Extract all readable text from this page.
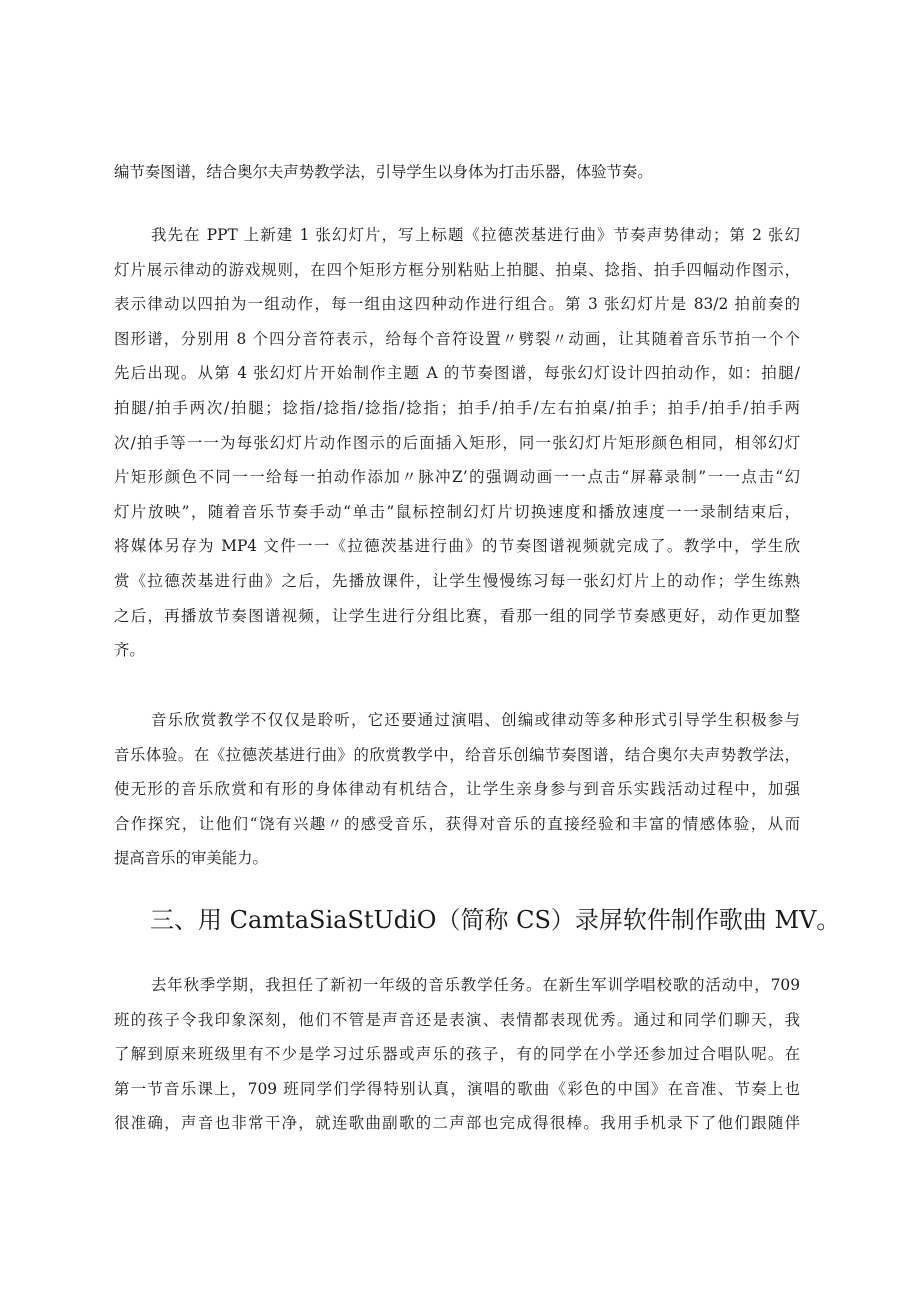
编节奏图谱，结合奥尔夫声势教学法，引导学生以身体为打击乐器，体验节奏。
我先在 PPT 上新建 1 张幻灯片，写上标题《拉德茨基进行曲》节奏声势律动；第 2 张幻
灯片展示律动的游戏规则，在四个矩形方框分别粘贴上拍腿、拍桌、捻指、拍手四幅动作图示，
表示律动以四拍为一组动作，每一组由这四种动作进行组合。第 3 张幻灯片是 83/2 拍前奏的
图形谱，分别用 8 个四分音符表示，给每个音符设置〃劈裂〃动画，让其随着音乐节拍一个个
先后出现。从第 4 张幻灯片开始制作主题 A 的节奏图谱，每张幻灯设计四拍动作，如：拍腿/
拍腿/拍手两次/拍腿；捻指/捻指/捻指/捻指；拍手/拍手/左右拍桌/拍手；拍手/拍手/拍手两
次/拍手等一一为每张幻灯片动作图示的后面插入矩形，同一张幻灯片矩形颜色相同，相邻幻灯
片矩形颜色不同一一给每一拍动作添加〃脉冲Z’的强调动画一一点击“屏幕录制”一一点击“幻
灯片放映”，随着音乐节奏手动“单击”鼠标控制幻灯片切换速度和播放速度一一录制结束后，
将媒体另存为 MP4 文件一一《拉德茨基进行曲》的节奏图谱视频就完成了。教学中，学生欣
赏《拉德茨基进行曲》之后，先播放课件，让学生慢慢练习每一张幻灯片上的动作；学生练熟
之后，再播放节奏图谱视频，让学生进行分组比赛，看那一组的同学节奏感更好，动作更加整
齐。
音乐欣赏教学不仅仅是聆听，它还要通过演唱、创编或律动等多种形式引导学生积极参与
音乐体验。在《拉德茨基进行曲》的欣赏教学中，给音乐创编节奏图谱，结合奥尔夫声势教学法，
使无形的音乐欣赏和有形的身体律动有机结合，让学生亲身参与到音乐实践活动过程中，加强
合作探究，让他们“饶有兴趣〃的感受音乐，获得对音乐的直接经验和丰富的情感体验，从而
提高音乐的审美能力。
三、用 CamtaSiaStUdiO（简称 CS）录屏软件制作歌曲 MV。
去年秋季学期，我担任了新初一年级的音乐教学任务。在新生军训学唱校歌的活动中，709
班的孩子令我印象深刻，他们不管是声音还是表演、表情都表现优秀。通过和同学们聊天，我
了解到原来班级里有不少是学习过乐器或声乐的孩子，有的同学在小学还参加过合唱队呢。在
第一节音乐课上，709 班同学们学得特别认真，演唱的歌曲《彩色的中国》在音准、节奏上也
很准确，声音也非常干净，就连歌曲副歌的二声部也完成得很棒。我用手机录下了他们跟随伴
